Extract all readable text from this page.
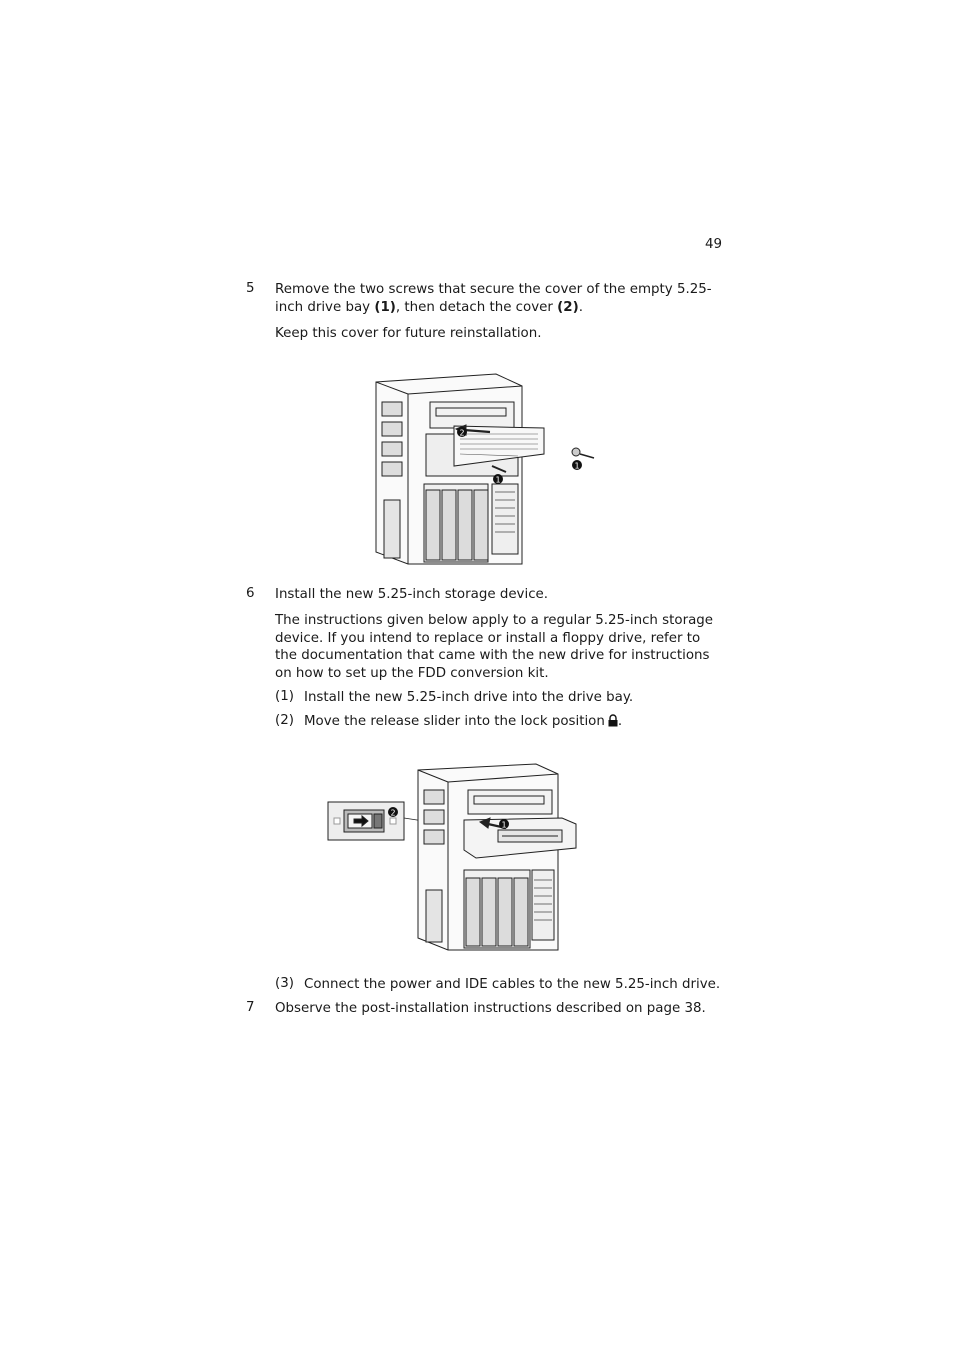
49
5 Remove the two screws that secure the cover of the empty 5.25-inch drive bay (1), then detach the cover (2).
Keep this cover for future reinstallation.
2
1
1
6 Install the new 5.25-inch storage device.
The instructions given below apply to a regular 5.25-inch storage device. If you intend to replace or install a floppy drive, refer to the documentation that came with the new drive for instructions on how to set up the FDD conversion kit.
(1) Install the new 5.25-inch drive into the drive bay.
(2) Move the release slider into the lock position .
2
1
(3) Connect the power and IDE cables to the new 5.25-inch drive.
7 Observe the post-installation instructions described on page 38.
